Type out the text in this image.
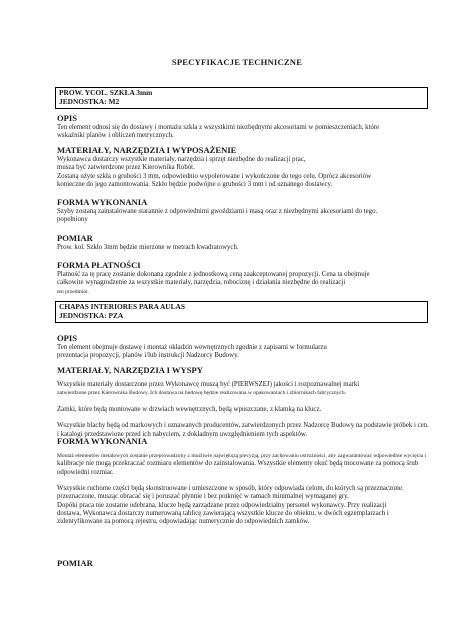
SPECYFIKACJE TECHNICZNE
PROW. YCOL. SZKŁA 3mm
JEDNOSTKA: M2
OPIS
Ten element odnosi się do dostawy i montażu szkła z wszystkimi niezbędnymi akcesoriami w pomieszczeniach, które
wskaźniki planów i obliczeń metrycznych.
MATERIAŁY, NARZĘDZIA I WYPOSAŻENIE
Wykonawca dostarczy wszystkie materiały, narzędzia i sprzęt niezbędne do realizacji prac,
musza być zatwierdzone przez Kierownika Robót.
Zostaną użyte szkła o grubości 3 mm, odpowiednio wypolerowane i wykończone do tego celu. Oprócz akcesoriów
konieczne do jego zamontowania. Szkło będzie podwójne o grubości 3 mm i od uznanego dostawcy.
FORMA WYKONANIA
Szyby zostaną zainstalowane starannie z odpowiednimi gwoździami i masą oraz z niezbędnymi akcesoriami do tego.
popełniony
POMIAR
Prow. kol. Szkło 3mm będzie mierzone w metrach kwadratowych.
FORMA PŁATNOŚCI
Płatność za tę pracę zostanie dokonana zgodnie z jednostkową ceną zaakceptowanej propozycji. Cena ta obejmuje
całkowite wynagrodzenie za wszystkie materiały, narzędzia, robociznę i działania niezbędne do realizacji
ten przedmiot.
CHAPAS INTERIORES PARA AULAS
JEDNOSTKA: PZA
OPIS
Ten element obejmuje dostawę i montaż okładzin wewnętrznych zgodnie z zapisami w formularzu
prezentacja propozycji, planów i/lub instrukcji Nadzorcy Budowy.
MATERIAŁY, NARZĘDZIA I WYSPY
Wszystkie materiały dostarczone przez Wykonawcę muszą być (PIERWSZEJ) jakości i rozpoznawalnej marki
zatwierdzone przez Kierownika Budowy. Ich dostawa na budowę będzie realizowana w opakowaniach i zbiornikach fabrycznych.
Zamki, które będą montowane w drzwiach wewnętrznych, będą wpuszczane, z klamką na klucz.
Wszystkie blachy będą od markowych i uznawanych producentów, zatwierdzonych przez Nadzorcę Budowy na podstawie próbek i cen.
i katalogi przedstawione przed ich nabyciem, z dokładnym uwzględnieniem tych aspektów.
FORMA WYKONANIA
Montaż elementów metalowych zostanie przeprowadzony z możliwie największą precyzją, przy zachowaniu ostrożności, aby zagwarantować odpowiednie wycięcia i
kalibracje nie mogą przekraczać rozmiaru elementów do zainstalowania. Wszystkie elementy okuć będą mocowane za pomocą śrub
odpowiedni rozmiar.
Wszystkie ruchome części będą skonstruowane i umieszczone w sposób, który odpowiada celom, do których są przeznaczone.
przeznaczone, musząc obracać się i poruszać płynnie i bez potknięć w ramach minimalnej wymaganej gry.
Dopóki praca nie zostanie odebrana, klucze będą zarządzane przez odpowiedzialny personel wykonawcy. Przy realizacji
dostawa, Wykonawca dostarczy numerowaną tablicę zawierającą wszystkie klucze do obiektu, w dwóch egzemplarzach i
zidentyfikowane za pomocą rejestru, odpowiadając numerycznie do odpowiednich zamków.
POMIAR
